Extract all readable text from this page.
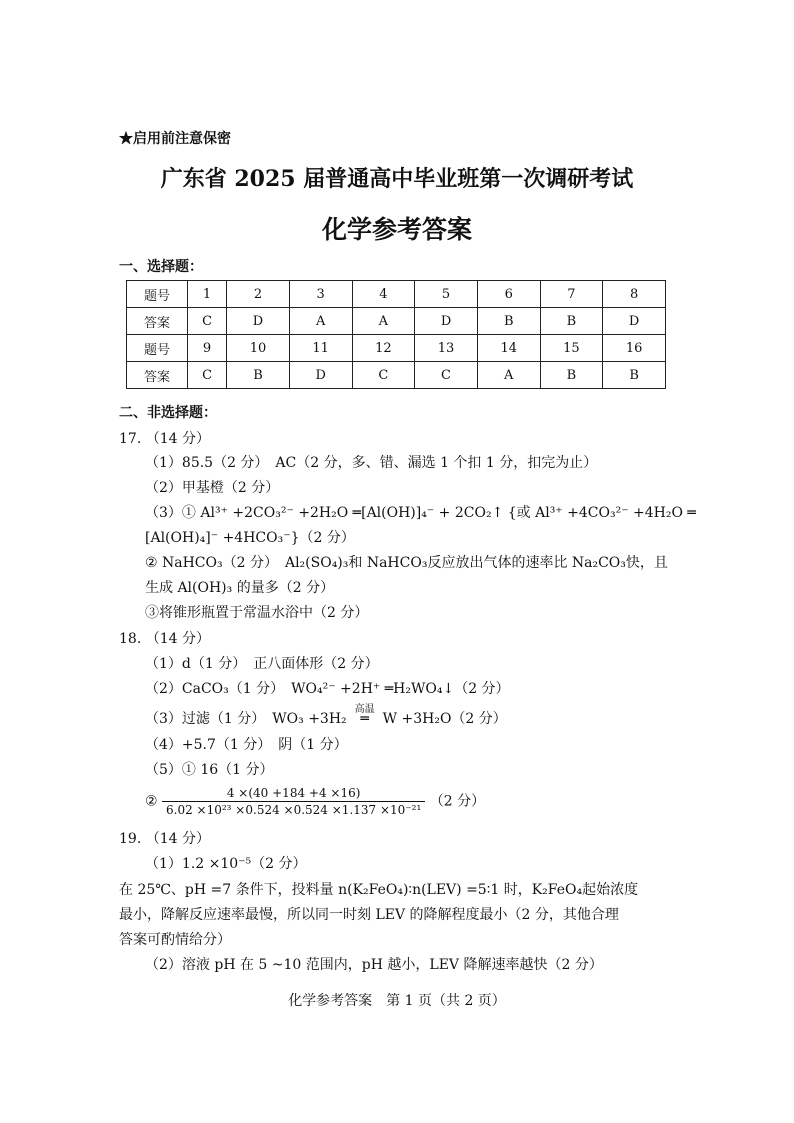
★启用前注意保密
广东省 2025 届普通高中毕业班第一次调研考试
化学参考答案
一、选择题：
题号	1	2	3	4	5	6	7	8
答案	C	D	A	A	D	B	B	D
题号	9	10	11	12	13	14	15	16
答案	C	B	D	C	C	A	B	B
二、非选择题：
17. （14 分）
（1）85.5（2 分）　AC（2 分，多、错、漏选 1 个扣 1 分，扣完为止）
（2）甲基橙（2 分）
（3）① Al³⁺ +2CO₃²⁻ +2H₂O ═[Al(OH)]₄⁻ + 2CO₂↑ {或 Al³⁺ +4CO₃²⁻ +4H₂O ═
[Al(OH)₄]⁻ +4HCO₃⁻}（2 分）
② NaHCO₃（2 分）　Al₂(SO₄)₃和 NaHCO₃反应放出气体的速率比 Na₂CO₃快，且
生成 Al(OH)₃ 的量多（2 分）
③将锥形瓶置于常温水浴中（2 分）
18. （14 分）
（1）d（1 分）　正八面体形（2 分）
（2）CaCO₃（1 分）　WO₄²⁻ +2H⁺ ═H₂WO₄↓（2 分）
（3）过滤（1 分）　WO₃ +3H₂
高温
═ W +3H₂O（2 分）
（4）+5.7（1 分）　阴（1 分）
（5）① 16（1 分）
② $\frac{4 \times(40 +184 +4 \times 16)}{\text{6.02 ×10²³ ×0.524 ×0.524 ×1.137 ×10⁻²¹}} (2$ 分）
19. （14 分）
（1）1.2 ×10⁻⁵（2 分）
在 25℃、pH =7 条件下，投料量 n(K₂FeO₄)∶n(LEV) =5∶1 时，K₂FeO₄起始浓度
最小，降解反应速率最慢，所以同一时刻 LEV 的降解程度最小（2 分，其他合理
答案可酌情给分）
（2）溶液 pH 在 5 ~10 范围内，pH 越小，LEV 降解速率越快（2 分）
化学参考答案　第 1 页（共 2 页）
